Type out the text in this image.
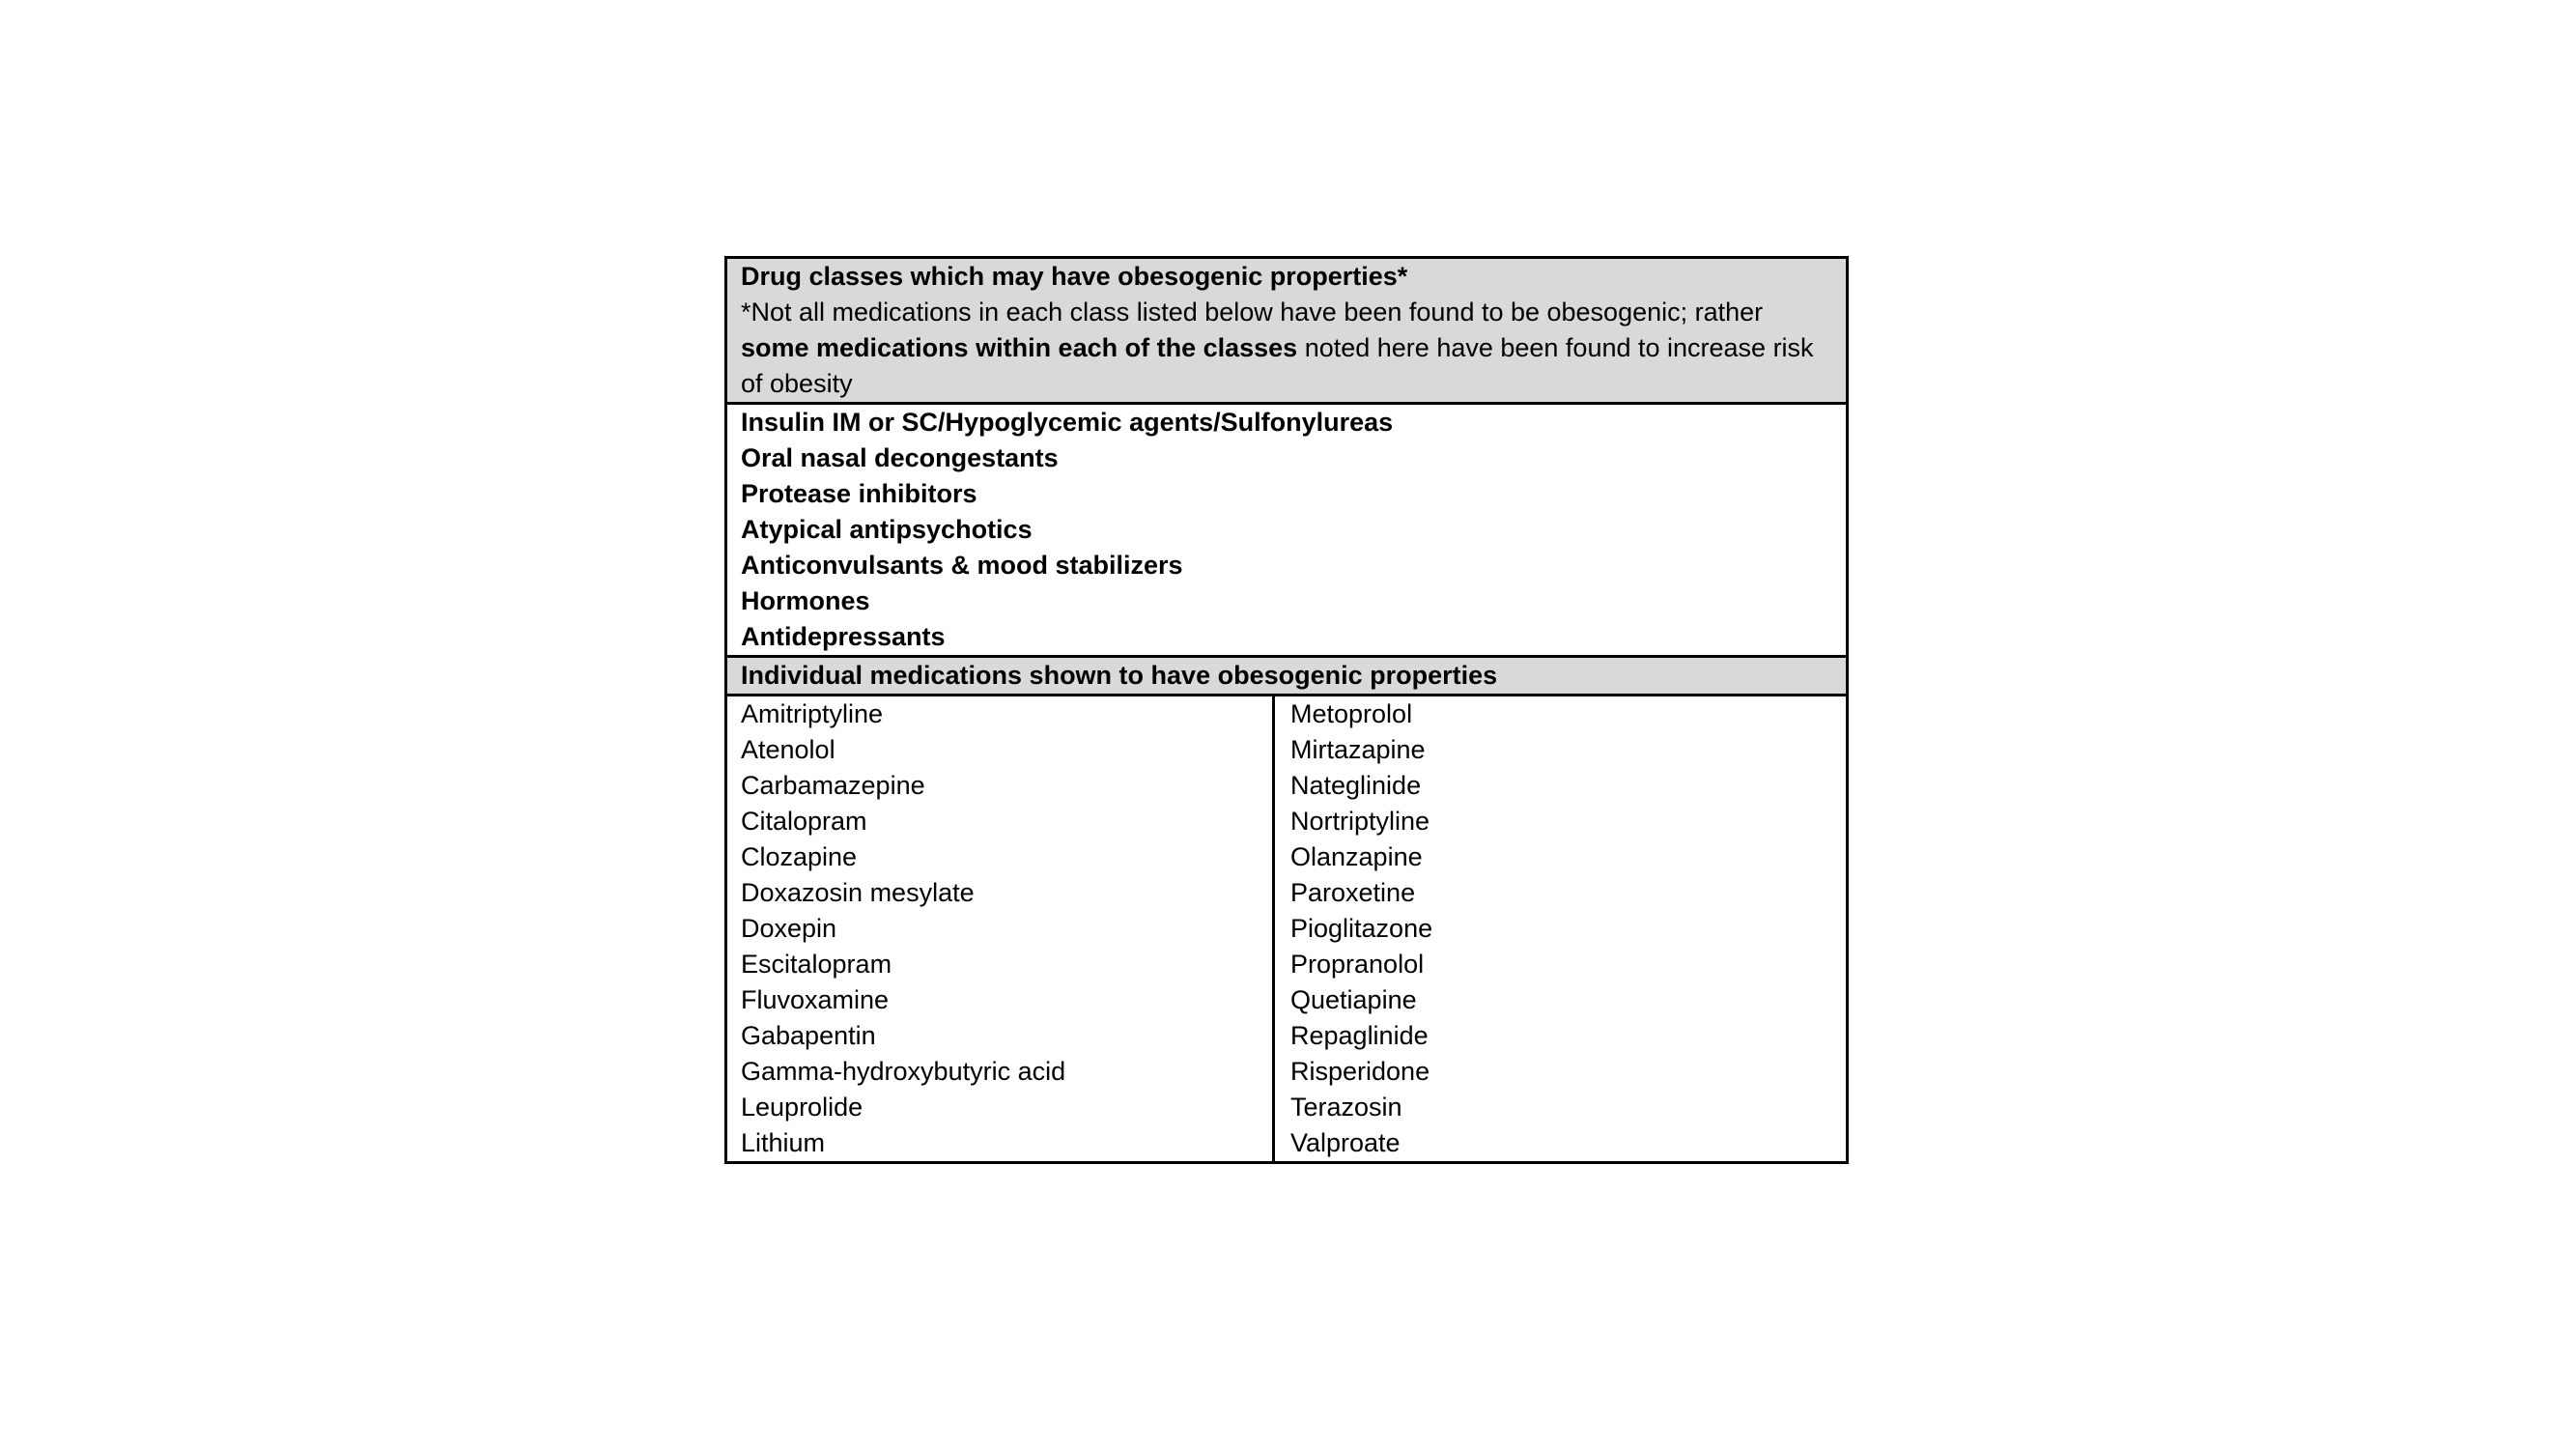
Drug classes which may have obesogenic properties*
*Not all medications in each class listed below have been found to be obesogenic; rather some medications within each of the classes noted here have been found to increase risk of obesity
Insulin IM or SC/Hypoglycemic agents/Sulfonylureas
Oral nasal decongestants
Protease inhibitors
Atypical antipsychotics
Anticonvulsants & mood stabilizers
Hormones
Antidepressants
Individual medications shown to have obesogenic properties
Amitriptyline
Atenolol
Carbamazepine
Citalopram
Clozapine
Doxazosin mesylate
Doxepin
Escitalopram
Fluvoxamine
Gabapentin
Gamma-hydroxybutyric acid
Leuprolide
Lithium
Metoprolol
Mirtazapine
Nateglinide
Nortriptyline
Olanzapine
Paroxetine
Pioglitazone
Propranolol
Quetiapine
Repaglinide
Risperidone
Terazosin
Valproate
